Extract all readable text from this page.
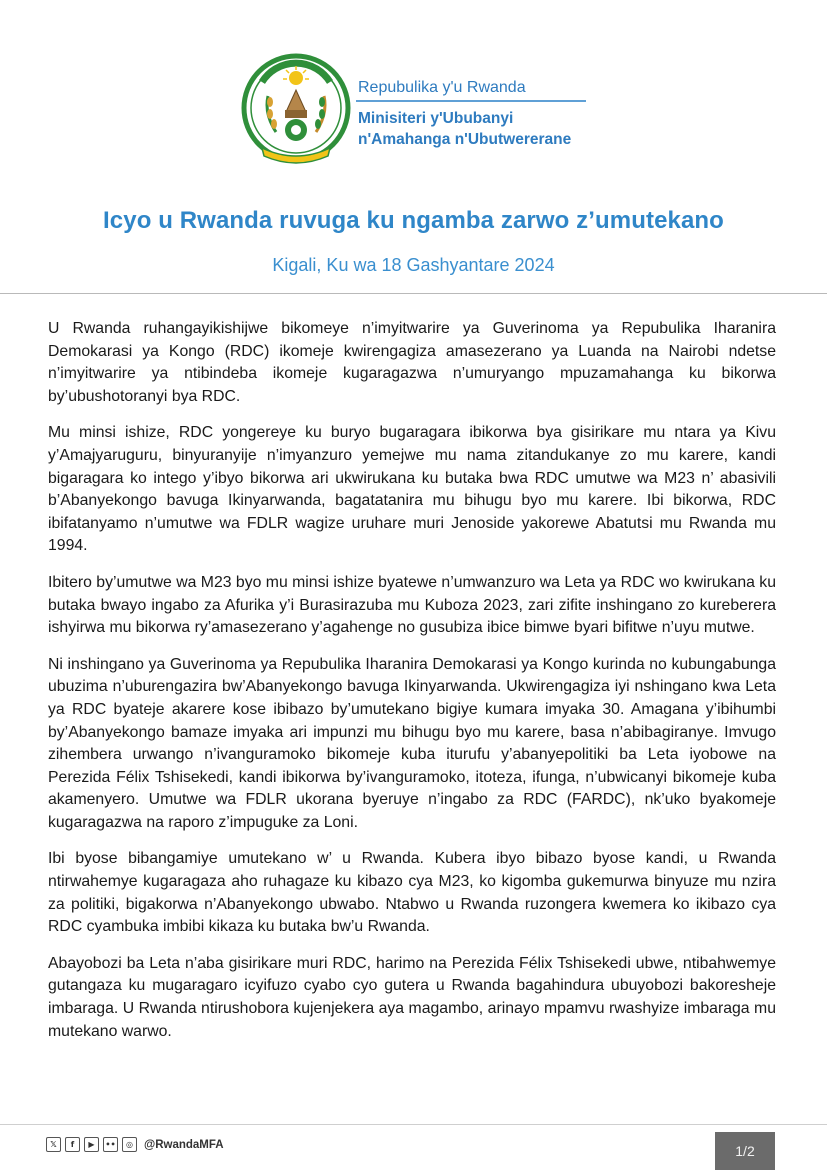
Repubulika y'u Rwanda
Minisiteri y'Ububanyi
n'Amahanga n'Ubutwererane
Icyo u Rwanda ruvuga ku ngamba zarwo z’umutekano
Kigali, Ku wa 18 Gashyantare 2024

U Rwanda ruhangayikishijwe bikomeye n’imyitwarire ya Guverinoma ya Repubulika Iharanira Demokarasi ya Kongo (RDC) ikomeje kwirengagiza amasezerano ya Luanda na Nairobi ndetse n’imyitwarire ya ntibindeba ikomeje kugaragazwa n’umuryango mpuzamahanga ku bikorwa by’ubushotoranyi bya RDC.

Mu minsi ishize, RDC yongereye ku buryo bugaragara ibikorwa bya gisirikare mu ntara ya Kivu y’Amajyaruguru, binyuranyije n’imyanzuro yemejwe mu nama zitandukanye zo mu karere, kandi bigaragara ko intego y’ibyo bikorwa ari ukwirukana ku butaka bwa RDC umutwe wa M23 n’ abasivili b’Abanyekongo bavuga Ikinyarwanda, bagatatanira mu bihugu byo mu karere. Ibi bikorwa, RDC ibifatanyamo n’umutwe wa FDLR wagize uruhare muri Jenoside yakorewe Abatutsi mu Rwanda mu 1994.

Ibitero by’umutwe wa M23 byo mu minsi ishize byatewe n’umwanzuro wa Leta ya RDC wo kwirukana ku butaka bwayo ingabo za Afurika y’i Burasirazuba mu Kuboza 2023, zari zifite inshingano zo kureberera ishyirwa mu bikorwa ry’amasezerano y’agahenge no gusubiza ibice bimwe byari bifitwe n’uyu mutwe.

Ni inshingano ya Guverinoma ya Repubulika Iharanira Demokarasi ya Kongo kurinda no kubungabunga ubuzima n’uburengazira bw’Abanyekongo bavuga Ikinyarwanda. Ukwirengagiza iyi nshingano kwa Leta ya RDC byateje akarere kose ibibazo by’umutekano bigiye kumara imyaka 30. Amagana y’ibihumbi by’Abanyekongo bamaze imyaka ari impunzi mu bihugu byo mu karere, basa n’abibagiranye. Imvugo zihembera urwango n’ivanguramoko bikomeje kuba iturufu y’abanyepolitiki ba Leta iyobowe na Perezida Félix Tshisekedi, kandi ibikorwa by’ivanguramoko, itoteza, ifunga, n’ubwicanyi bikomeje kuba akamenyero. Umutwe wa FDLR ukorana byeruye n’ingabo za RDC (FARDC), nk’uko byakomeje kugaragazwa na raporo z’impuguke za Loni.

Ibi byose bibangamiye umutekano w’ u Rwanda. Kubera ibyo bibazo byose kandi, u Rwanda ntirwahemye kugaragaza aho ruhagaze ku kibazo cya M23, ko kigomba gukemurwa binyuze mu nzira za politiki, bigakorwa n’Abanyekongo ubwabo. Ntabwo u Rwanda ruzongera kwemera ko ikibazo cya RDC cyambuka imbibi kikaza ku butaka bw’u Rwanda.

Abayobozi ba Leta n’aba gisirikare muri RDC, harimo na Perezida Félix Tshisekedi ubwe, ntibahwemye gutangaza ku mugaragaro icyifuzo cyabo cyo gutera u Rwanda bagahindura ubuyobozi bakoresheje imbaraga. U Rwanda ntirushobora kujenjekera aya magambo, arinayo mpamvu rwashyize imbaraga mu mutekano warwo.

𝕏	f	▶	••	◎ @RwandaMFA	1/2
